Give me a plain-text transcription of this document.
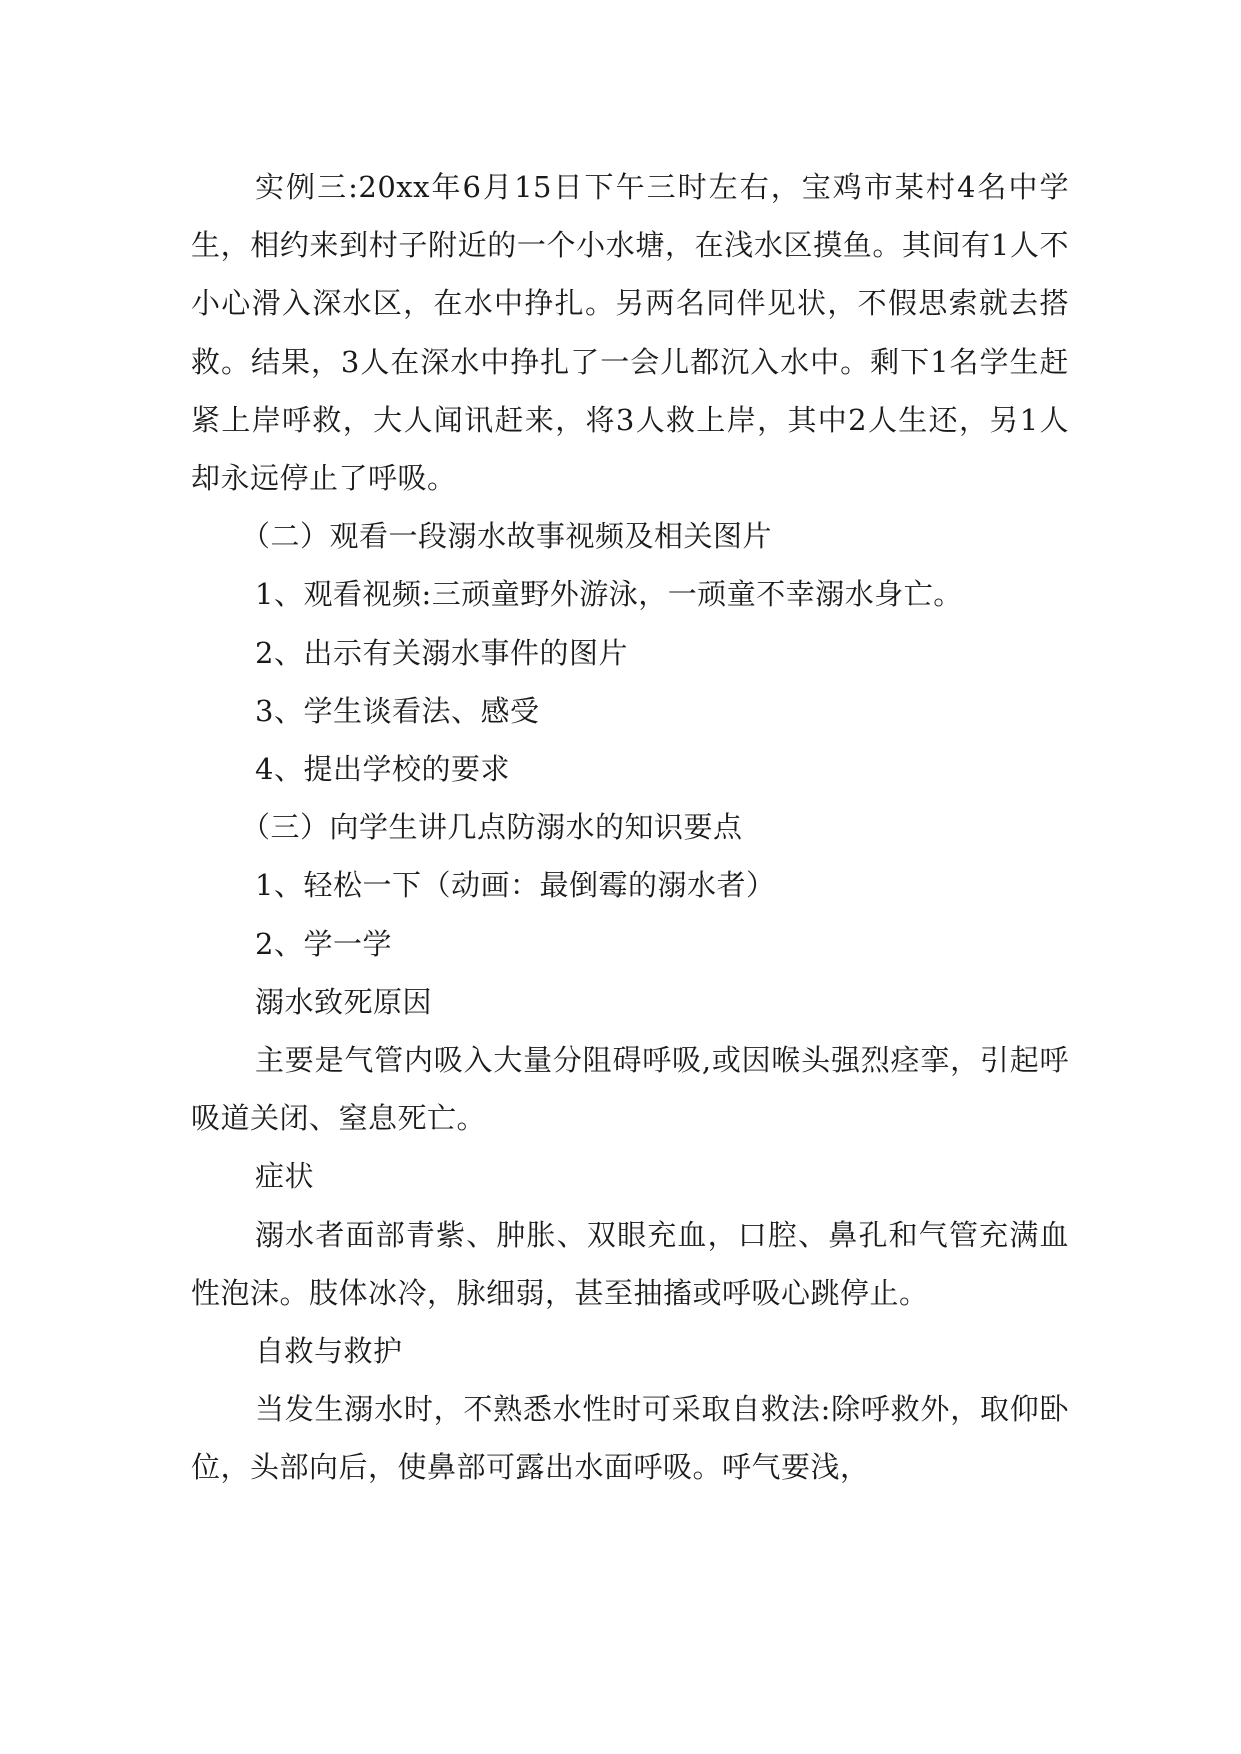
实例三:20xx年6月15日下午三时左右，宝鸡市某村4名中学生，相约来到村子附近的一个小水塘，在浅水区摸鱼。其间有1人不小心滑入深水区，在水中挣扎。另两名同伴见状，不假思索就去搭救。结果，3人在深水中挣扎了一会儿都沉入水中。剩下1名学生赶紧上岸呼救，大人闻讯赶来，将3人救上岸，其中2人生还，另1人却永远停止了呼吸。

（二）观看一段溺水故事视频及相关图片

1、观看视频:三顽童野外游泳，一顽童不幸溺水身亡。

2、出示有关溺水事件的图片

3、学生谈看法、感受

4、提出学校的要求

（三）向学生讲几点防溺水的知识要点

1、轻松一下（动画：最倒霉的溺水者）

2、学一学

溺水致死原因

主要是气管内吸入大量分阻碍呼吸,或因喉头强烈痉挛，引起呼吸道关闭、窒息死亡。

症状

溺水者面部青紫、肿胀、双眼充血，口腔、鼻孔和气管充满血性泡沫。肢体冰冷，脉细弱，甚至抽搐或呼吸心跳停止。

自救与救护

当发生溺水时，不熟悉水性时可采取自救法:除呼救外，取仰卧位，头部向后，使鼻部可露出水面呼吸。呼气要浅，
